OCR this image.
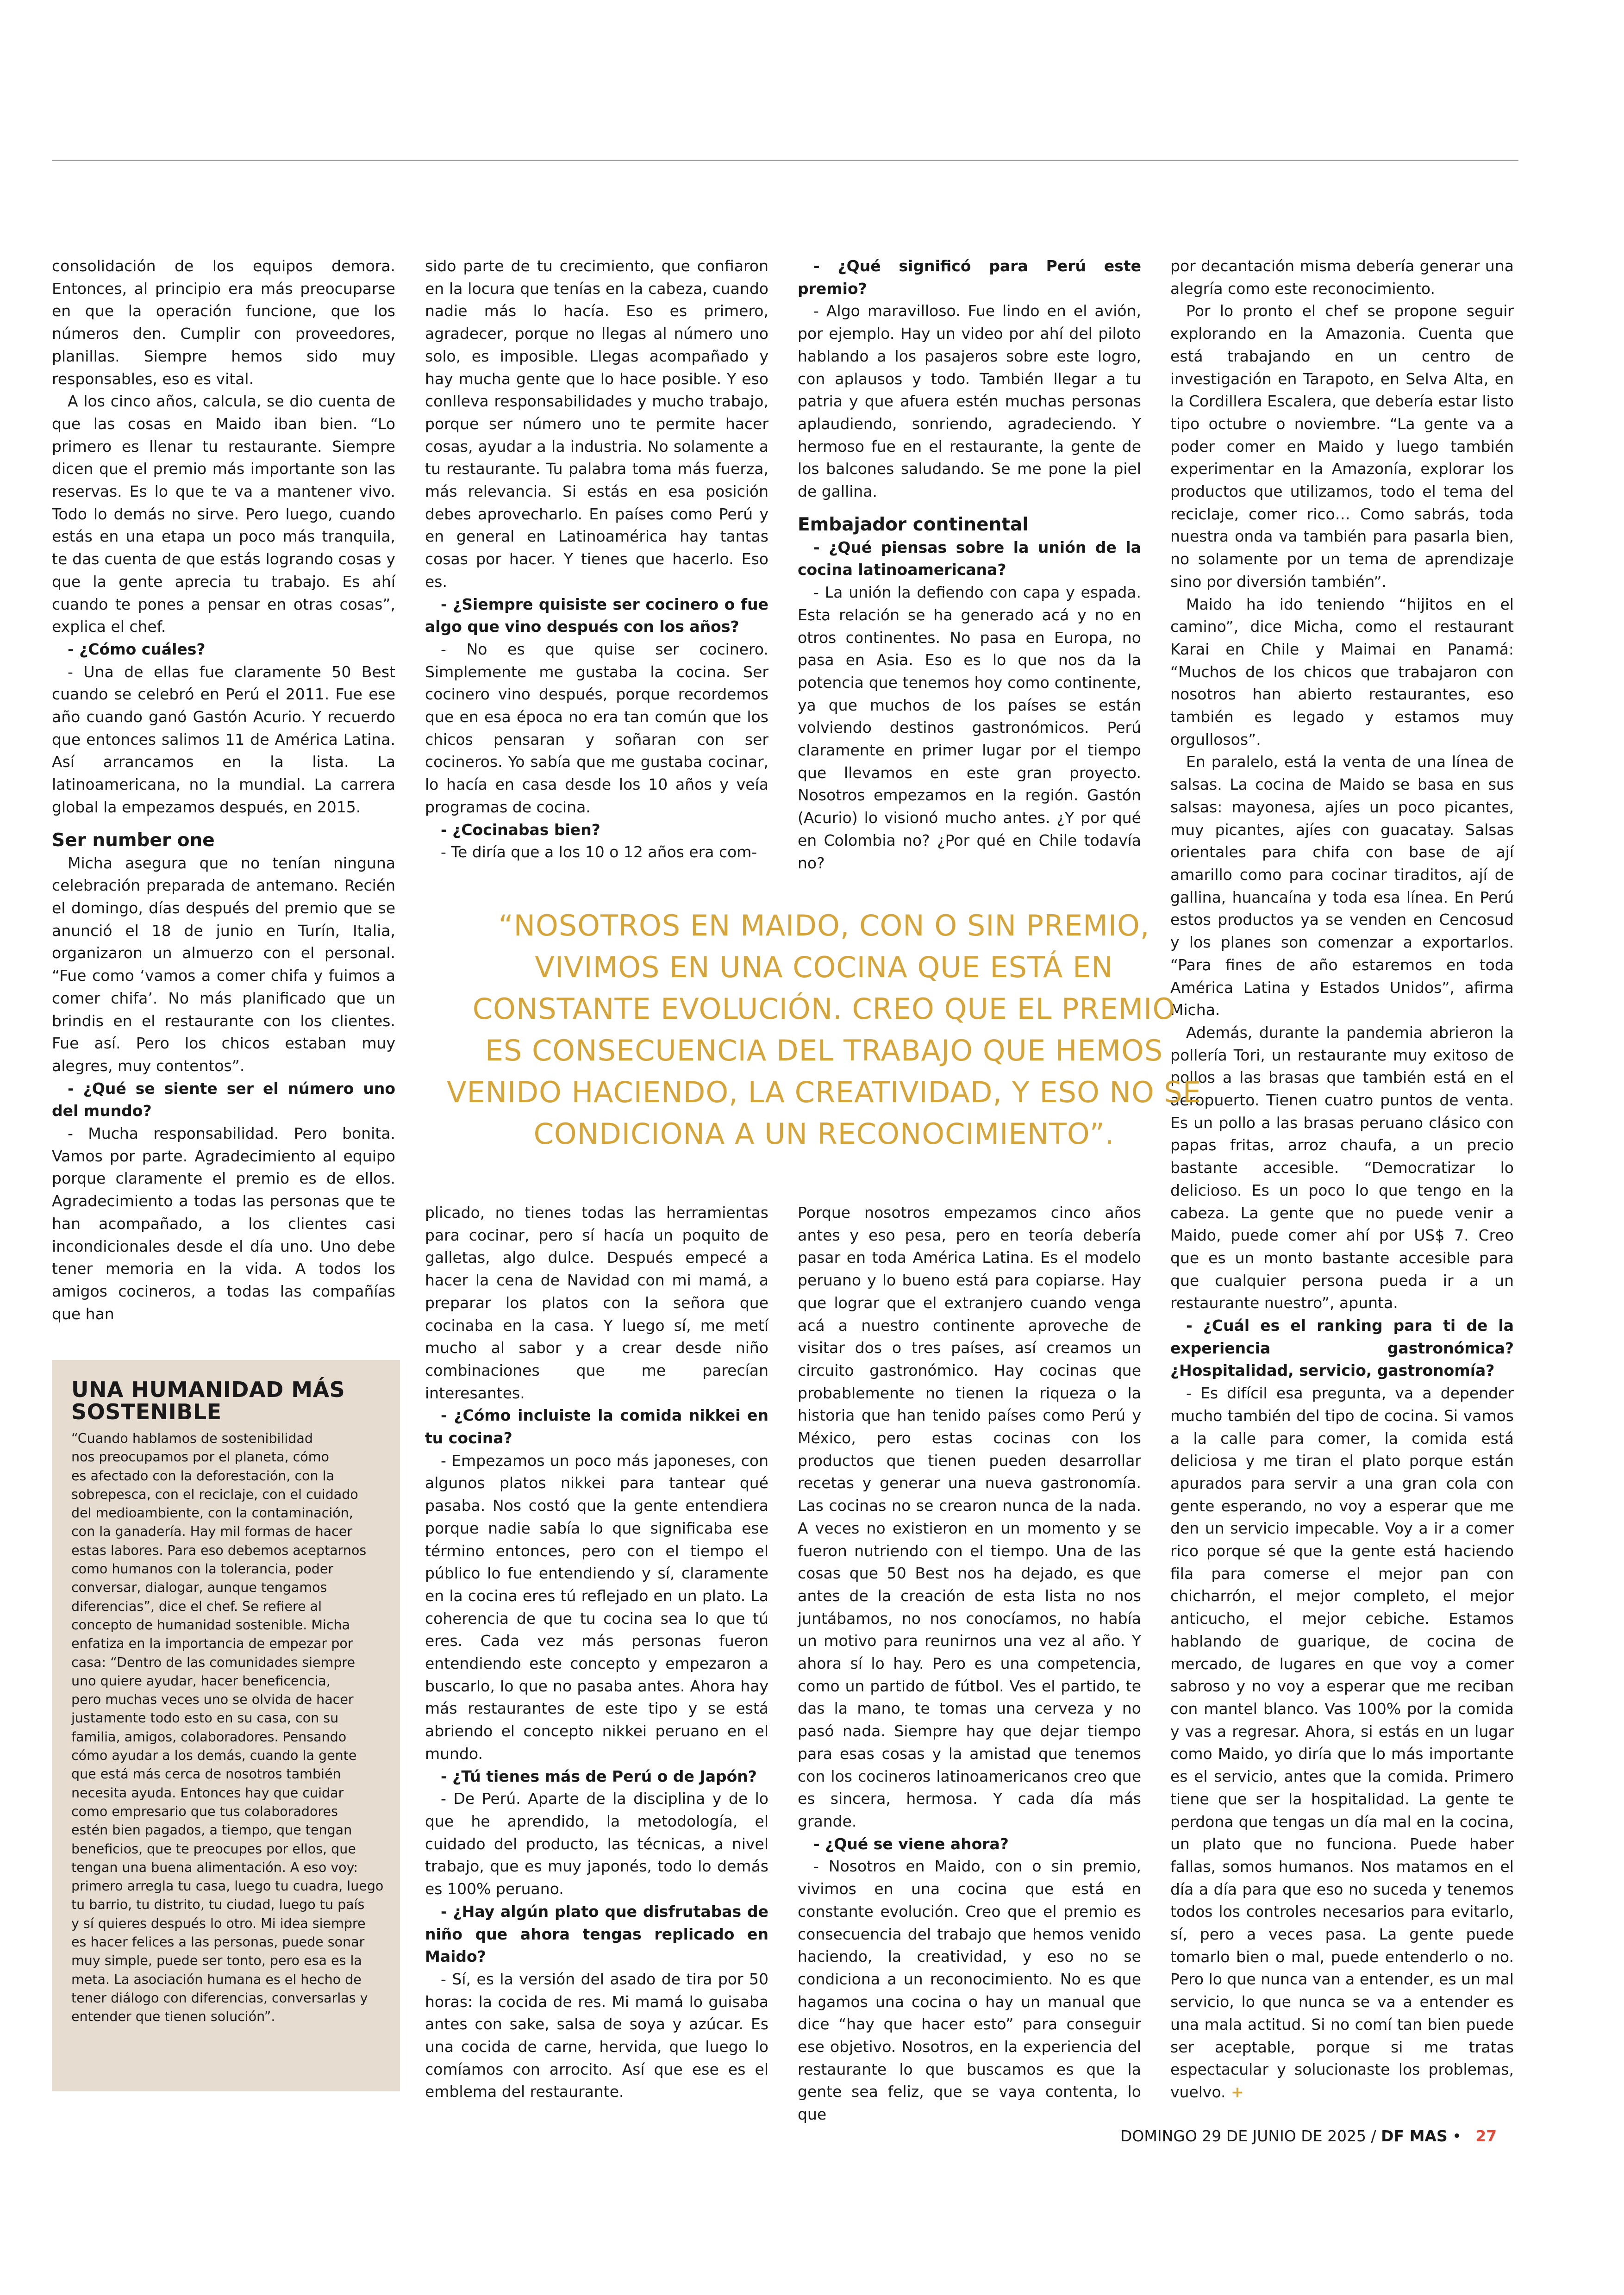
consolidación de los equipos demora. Entonces, al principio era más preocuparse en que la operación funcione, que los números den. Cumplir con proveedores, planillas. Siempre hemos sido muy responsables, eso es vital.

A los cinco años, calcula, se dio cuenta de que las cosas en Maido iban bien. “Lo primero es llenar tu restaurante. Siempre dicen que el premio más importante son las reservas. Es lo que te va a mantener vivo. Todo lo demás no sirve. Pero luego, cuando estás en una etapa un poco más tranquila, te das cuenta de que estás logrando cosas y que la gente aprecia tu trabajo. Es ahí cuando te pones a pensar en otras cosas”, explica el chef.

- ¿Cómo cuáles?

- Una de ellas fue claramente 50 Best cuando se celebró en Perú el 2011. Fue ese año cuando ganó Gastón Acurio. Y recuerdo que entonces salimos 11 de América Latina. Así arrancamos en la lista. La latinoamericana, no la mundial. La carrera global la empezamos después, en 2015.

Ser number one

Micha asegura que no tenían ninguna celebración preparada de antemano. Recién el domingo, días después del premio que se anunció el 18 de junio en Turín, Italia, organizaron un almuerzo con el personal. “Fue como ‘vamos a comer chifa y fuimos a comer chifa’. No más planificado que un brindis en el restaurante con los clientes. Fue así. Pero los chicos estaban muy alegres, muy contentos”.

- ¿Qué se siente ser el número uno del mundo?

- Mucha responsabilidad. Pero bonita. Vamos por parte. Agradecimiento al equipo porque claramente el premio es de ellos. Agradecimiento a todas las personas que te han acompañado, a los clientes casi incondicionales desde el día uno. Uno debe tener memoria en la vida. A todos los amigos cocineros, a todas las compañías que han

sido parte de tu crecimiento, que confiaron en la locura que tenías en la cabeza, cuando nadie más lo hacía. Eso es primero, agradecer, porque no llegas al número uno solo, es imposible. Llegas acompañado y hay mucha gente que lo hace posible. Y eso conlleva responsabilidades y mucho trabajo, porque ser número uno te permite hacer cosas, ayudar a la industria. No solamente a tu restaurante. Tu palabra toma más fuerza, más relevancia. Si estás en esa posición debes aprovecharlo. En países como Perú y en general en Latinoamérica hay tantas cosas por hacer. Y tienes que hacerlo. Eso es.

- ¿Siempre quisiste ser cocinero o fue algo que vino después con los años?

- No es que quise ser cocinero. Simplemente me gustaba la cocina. Ser cocinero vino después, porque recordemos que en esa época no era tan común que los chicos pensaran y soñaran con ser cocineros. Yo sabía que me gustaba cocinar, lo hacía en casa desde los 10 años y veía programas de cocina.

- ¿Cocinabas bien?

- Te diría que a los 10 o 12 años era com-

- ¿Qué significó para Perú este premio?

- Algo maravilloso. Fue lindo en el avión, por ejemplo. Hay un video por ahí del piloto hablando a los pasajeros sobre este logro, con aplausos y todo. También llegar a tu patria y que afuera estén muchas personas aplaudiendo, sonriendo, agradeciendo. Y hermoso fue en el restaurante, la gente de los balcones saludando. Se me pone la piel de gallina.

Embajador continental

- ¿Qué piensas sobre la unión de la cocina latinoamericana?

- La unión la defiendo con capa y espada. Esta relación se ha generado acá y no en otros continentes. No pasa en Europa, no pasa en Asia. Eso es lo que nos da la potencia que tenemos hoy como continente, ya que muchos de los países se están volviendo destinos gastronómicos. Perú claramente en primer lugar por el tiempo que llevamos en este gran proyecto. Nosotros empezamos en la región. Gastón (Acurio) lo visionó mucho antes. ¿Y por qué en Colombia no? ¿Por qué en Chile todavía no?

por decantación misma debería generar una alegría como este reconocimiento.

Por lo pronto el chef se propone seguir explorando en la Amazonia. Cuenta que está trabajando en un centro de investigación en Tarapoto, en Selva Alta, en la Cordillera Escalera, que debería estar listo tipo octubre o noviembre. “La gente va a poder comer en Maido y luego también experimentar en la Amazonía, explorar los productos que utilizamos, todo el tema del reciclaje, comer rico… Como sabrás, toda nuestra onda va también para pasarla bien, no solamente por un tema de aprendizaje sino por diversión también”.

Maido ha ido teniendo “hijitos en el camino”, dice Micha, como el restaurant Karai en Chile y Maimai en Panamá: “Muchos de los chicos que trabajaron con nosotros han abierto restaurantes, eso también es legado y estamos muy orgullosos”.

En paralelo, está la venta de una línea de salsas. La cocina de Maido se basa en sus salsas: mayonesa, ajíes un poco picantes, muy picantes, ajíes con guacatay. Salsas orientales para chifa con base de ají amarillo como para cocinar tiraditos, ají de gallina, huancaína y toda esa línea. En Perú estos productos ya se venden en Cencosud y los planes son comenzar a exportarlos. “Para fines de año estaremos en toda América Latina y Estados Unidos”, afirma Micha.

Además, durante la pandemia abrieron la pollería Tori, un restaurante muy exitoso de pollos a las brasas que también está en el aeropuerto. Tienen cuatro puntos de venta. Es un pollo a las brasas peruano clásico con papas fritas, arroz chaufa, a un precio bastante accesible. “Democratizar lo delicioso. Es un poco lo que tengo en la cabeza. La gente que no puede venir a Maido, puede comer ahí por US$ 7. Creo que es un monto bastante accesible para que cualquier persona pueda ir a un restaurante nuestro”, apunta.

- ¿Cuál es el ranking para ti de la experiencia gastronómica? ¿Hospitalidad, servicio, gastronomía?

- Es difícil esa pregunta, va a depender mucho también del tipo de cocina. Si vamos a la calle para comer, la comida está deliciosa y me tiran el plato porque están apurados para servir a una gran cola con gente esperando, no voy a esperar que me den un servicio impecable. Voy a ir a comer rico porque sé que la gente está haciendo fila para comerse el mejor pan con chicharrón, el mejor completo, el mejor anticucho, el mejor cebiche. Estamos hablando de guarique, de cocina de mercado, de lugares en que voy a comer sabroso y no voy a esperar que me reciban con mantel blanco. Vas 100% por la comida y vas a regresar. Ahora, si estás en un lugar como Maido, yo diría que lo más importante es el servicio, antes que la comida. Primero tiene que ser la hospitalidad. La gente te perdona que tengas un día mal en la cocina, un plato que no funciona. Puede haber fallas, somos humanos. Nos matamos en el día a día para que eso no suceda y tenemos todos los controles necesarios para evitarlo, sí, pero a veces pasa. La gente puede tomarlo bien o mal, puede entenderlo o no. Pero lo que nunca van a entender, es un mal servicio, lo que nunca se va a entender es una mala actitud. Si no comí tan bien puede ser aceptable, porque si me tratas espectacular y solucionaste los problemas, vuelvo. +

“NOSOTROS EN MAIDO, CON O SIN PREMIO,
VIVIMOS EN UNA COCINA QUE ESTÁ EN
CONSTANTE EVOLUCIÓN. CREO QUE EL PREMIO
ES CONSECUENCIA DEL TRABAJO QUE HEMOS
VENIDO HACIENDO, LA CREATIVIDAD, Y ESO NO SE
CONDICIONA A UN RECONOCIMIENTO”.

plicado, no tienes todas las herramientas para cocinar, pero sí hacía un poquito de galletas, algo dulce. Después empecé a hacer la cena de Navidad con mi mamá, a preparar los platos con la señora que cocinaba en la casa. Y luego sí, me metí mucho al sabor y a crear desde niño combinaciones que me parecían interesantes.

- ¿Cómo incluiste la comida nikkei en tu cocina?

- Empezamos un poco más japoneses, con algunos platos nikkei para tantear qué pasaba. Nos costó que la gente entendiera porque nadie sabía lo que significaba ese término entonces, pero con el tiempo el público lo fue entendiendo y sí, claramente en la cocina eres tú reflejado en un plato. La coherencia de que tu cocina sea lo que tú eres. Cada vez más personas fueron entendiendo este concepto y empezaron a buscarlo, lo que no pasaba antes. Ahora hay más restaurantes de este tipo y se está abriendo el concepto nikkei peruano en el mundo.

- ¿Tú tienes más de Perú o de Japón?

- De Perú. Aparte de la disciplina y de lo que he aprendido, la metodología, el cuidado del producto, las técnicas, a nivel trabajo, que es muy japonés, todo lo demás es 100% peruano.

- ¿Hay algún plato que disfrutabas de niño que ahora tengas replicado en Maido?

- Sí, es la versión del asado de tira por 50 horas: la cocida de res. Mi mamá lo guisaba antes con sake, salsa de soya y azúcar. Es una cocida de carne, hervida, que luego lo comíamos con arrocito. Así que ese es el emblema del restaurante.

Porque nosotros empezamos cinco años antes y eso pesa, pero en teoría debería pasar en toda América Latina. Es el modelo peruano y lo bueno está para copiarse. Hay que lograr que el extranjero cuando venga acá a nuestro continente aproveche de visitar dos o tres países, así creamos un circuito gastronómico. Hay cocinas que probablemente no tienen la riqueza o la historia que han tenido países como Perú y México, pero estas cocinas con los productos que tienen pueden desarrollar recetas y generar una nueva gastronomía. Las cocinas no se crearon nunca de la nada. A veces no existieron en un momento y se fueron nutriendo con el tiempo. Una de las cosas que 50 Best nos ha dejado, es que antes de la creación de esta lista no nos juntábamos, no nos conocíamos, no había un motivo para reunirnos una vez al año. Y ahora sí lo hay. Pero es una competencia, como un partido de fútbol. Ves el partido, te das la mano, te tomas una cerveza y no pasó nada. Siempre hay que dejar tiempo para esas cosas y la amistad que tenemos con los cocineros latinoamericanos creo que es sincera, hermosa. Y cada día más grande.

- ¿Qué se viene ahora?

- Nosotros en Maido, con o sin premio, vivimos en una cocina que está en constante evolución. Creo que el premio es consecuencia del trabajo que hemos venido haciendo, la creatividad, y eso no se condiciona a un reconocimiento. No es que hagamos una cocina o hay un manual que dice “hay que hacer esto” para conseguir ese objetivo. Nosotros, en la experiencia del restaurante lo que buscamos es que la gente sea feliz, que se vaya contenta, lo que

UNA HUMANIDAD MÁS
SOSTENIBLE

“Cuando hablamos de sostenibilidad
nos preocupamos por el planeta, cómo
es afectado con la deforestación, con la
sobrepesca, con el reciclaje, con el cuidado
del medioambiente, con la contaminación,
con la ganadería. Hay mil formas de hacer
estas labores. Para eso debemos aceptarnos
como humanos con la tolerancia, poder
conversar, dialogar, aunque tengamos
diferencias”, dice el chef. Se refiere al
concepto de humanidad sostenible. Micha
enfatiza en la importancia de empezar por
casa: “Dentro de las comunidades siempre
uno quiere ayudar, hacer beneficencia,
pero muchas veces uno se olvida de hacer
justamente todo esto en su casa, con su
familia, amigos, colaboradores. Pensando
cómo ayudar a los demás, cuando la gente
que está más cerca de nosotros también
necesita ayuda. Entonces hay que cuidar
como empresario que tus colaboradores
estén bien pagados, a tiempo, que tengan
beneficios, que te preocupes por ellos, que
tengan una buena alimentación. A eso voy:
primero arregla tu casa, luego tu cuadra, luego
tu barrio, tu distrito, tu ciudad, luego tu país
y sí quieres después lo otro. Mi idea siempre
es hacer felices a las personas, puede sonar
muy simple, puede ser tonto, pero esa es la
meta. La asociación humana es el hecho de
tener diálogo con diferencias, conversarlas y
entender que tienen solución”.

DOMINGO 29 DE JUNIO DE 2025 / DF MAS • 27
